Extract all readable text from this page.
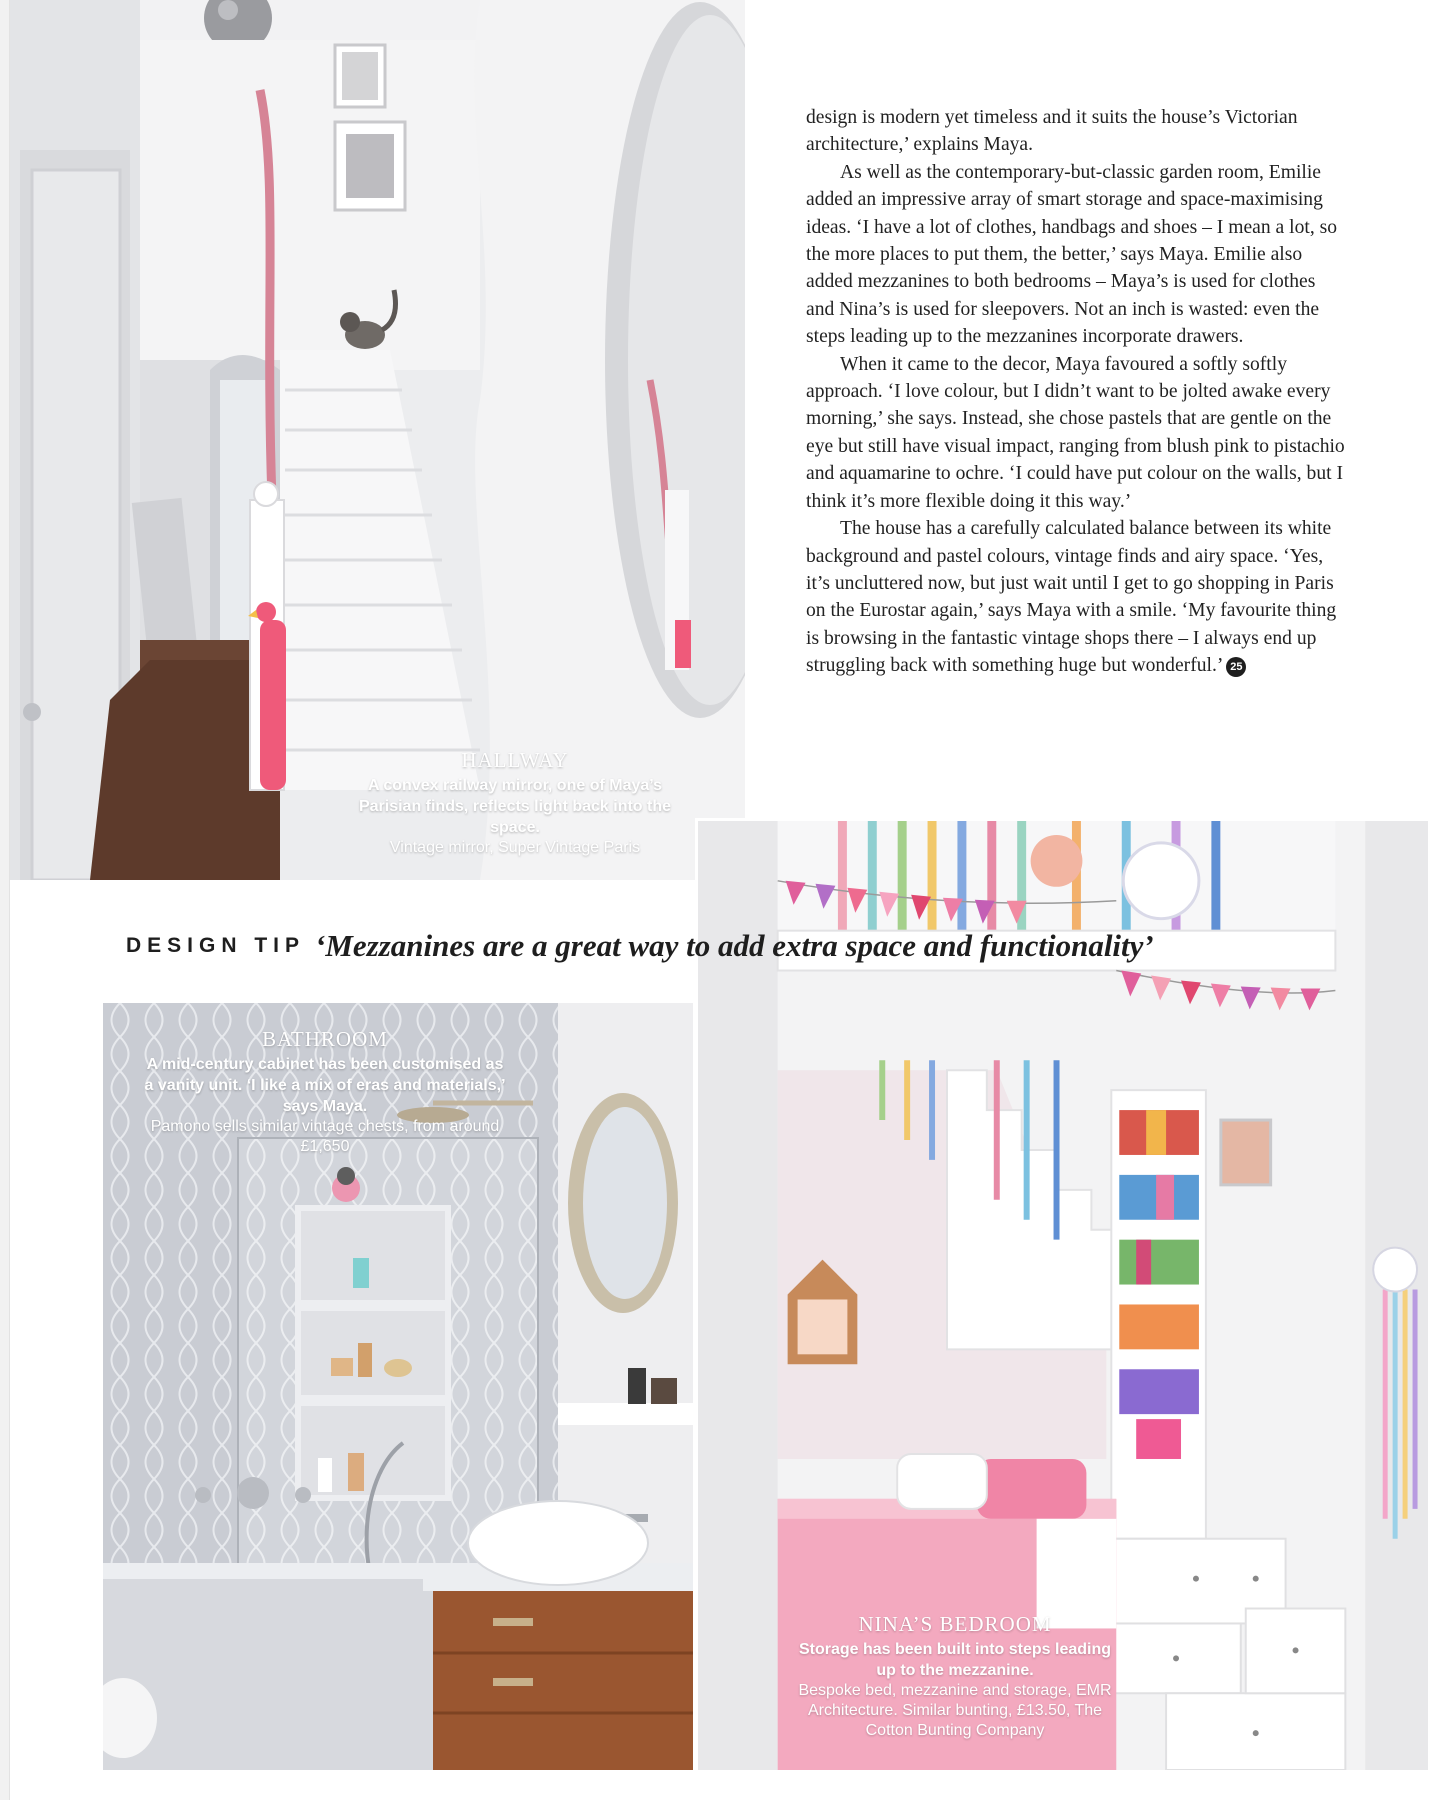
HALLWAY
A convex railway mirror, one of Maya’s Parisian finds, reflects light back into the space.
Vintage mirror, Super Vintage Paris

design is modern yet timeless and it suits the house’s Victorian architecture,’ explains Maya.

As well as the contemporary-but-classic garden room, Emilie added an impressive array of smart storage and space-maximising ideas. ‘I have a lot of clothes, handbags and shoes – I mean a lot, so the more places to put them, the better,’ says Maya. Emilie also added mezzanines to both bedrooms – Maya’s is used for clothes and Nina’s is used for sleepovers. Not an inch is wasted: even the steps leading up to the mezzanines incorporate drawers.

When it came to the decor, Maya favoured a softly softly approach. ‘I love colour, but I didn’t want to be jolted awake every morning,’ she says. Instead, she chose pastels that are gentle on the eye but still have visual impact, ranging from blush pink to pistachio and aquamarine to ochre. ‘I could have put colour on the walls, but I think it’s more flexible doing it this way.’

The house has a carefully calculated balance between its white background and pastel colours, vintage finds and airy space. ‘Yes, it’s uncluttered now, but just wait until I get to go shopping in Paris on the Eurostar again,’ says Maya with a smile. ‘My favourite thing is browsing in the fantastic vintage shops there – I always end up struggling back with something huge but wonderful.’ 25

BATHROOM
A mid-century cabinet has been customised as a vanity unit. ‘I like a mix of eras and materials,’ says Maya.
Pamono sells similar vintage chests, from around £1,650
NINA’S BEDROOM
Storage has been built into steps leading up to the mezzanine.
Bespoke bed, mezzanine and storage, EMR Architecture. Similar bunting, £13.50, The Cotton Bunting Company
DESIGN TIP ‘Mezzanines are a great way to add extra space and functionality’
